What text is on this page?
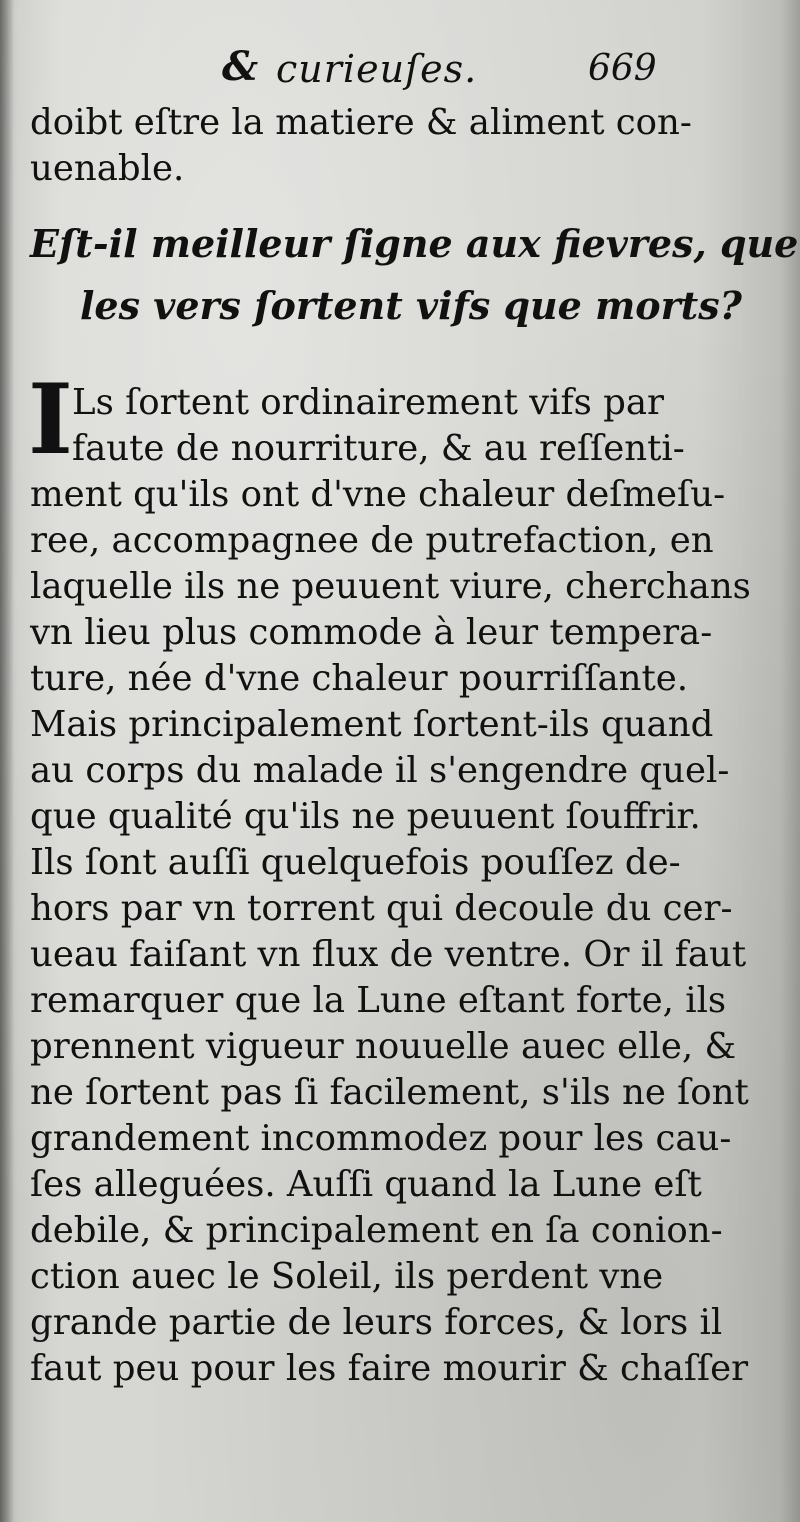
& curieuſes.	669
doibt eſtre la matiere & aliment con-
uenable.
Eſt-il meilleur ſigne aux fievres, que
les vers ſortent vifs que morts?
I Ls ſortent ordinairement vifs par
faute de nourriture, & au reſſenti-
ment qu'ils ont d'vne chaleur deſmeſu-
ree, accompagnee de putrefaction, en
laquelle ils ne peuuent viure, cherchans
vn lieu plus commode à leur tempera-
ture, née d'vne chaleur pourriſſante.
Mais principalement ſortent-ils quand
au corps du malade il s'engendre quel-
que qualité qu'ils ne peuuent ſouffrir.
Ils ſont auſſi quelquefois pouſſez de-
hors par vn torrent qui decoule du cer-
ueau faiſant vn flux de ventre. Or il faut
remarquer que la Lune eſtant forte, ils
prennent vigueur nouuelle auec elle, &
ne ſortent pas ſi facilement, s'ils ne ſont
grandement incommodez pour les cau-
ſes alleguées. Auſſi quand la Lune eſt
debile, & principalement en ſa conion-
ction auec le Soleil, ils perdent vne
grande partie de leurs forces, & lors il
faut peu pour les faire mourir & chaſſer
